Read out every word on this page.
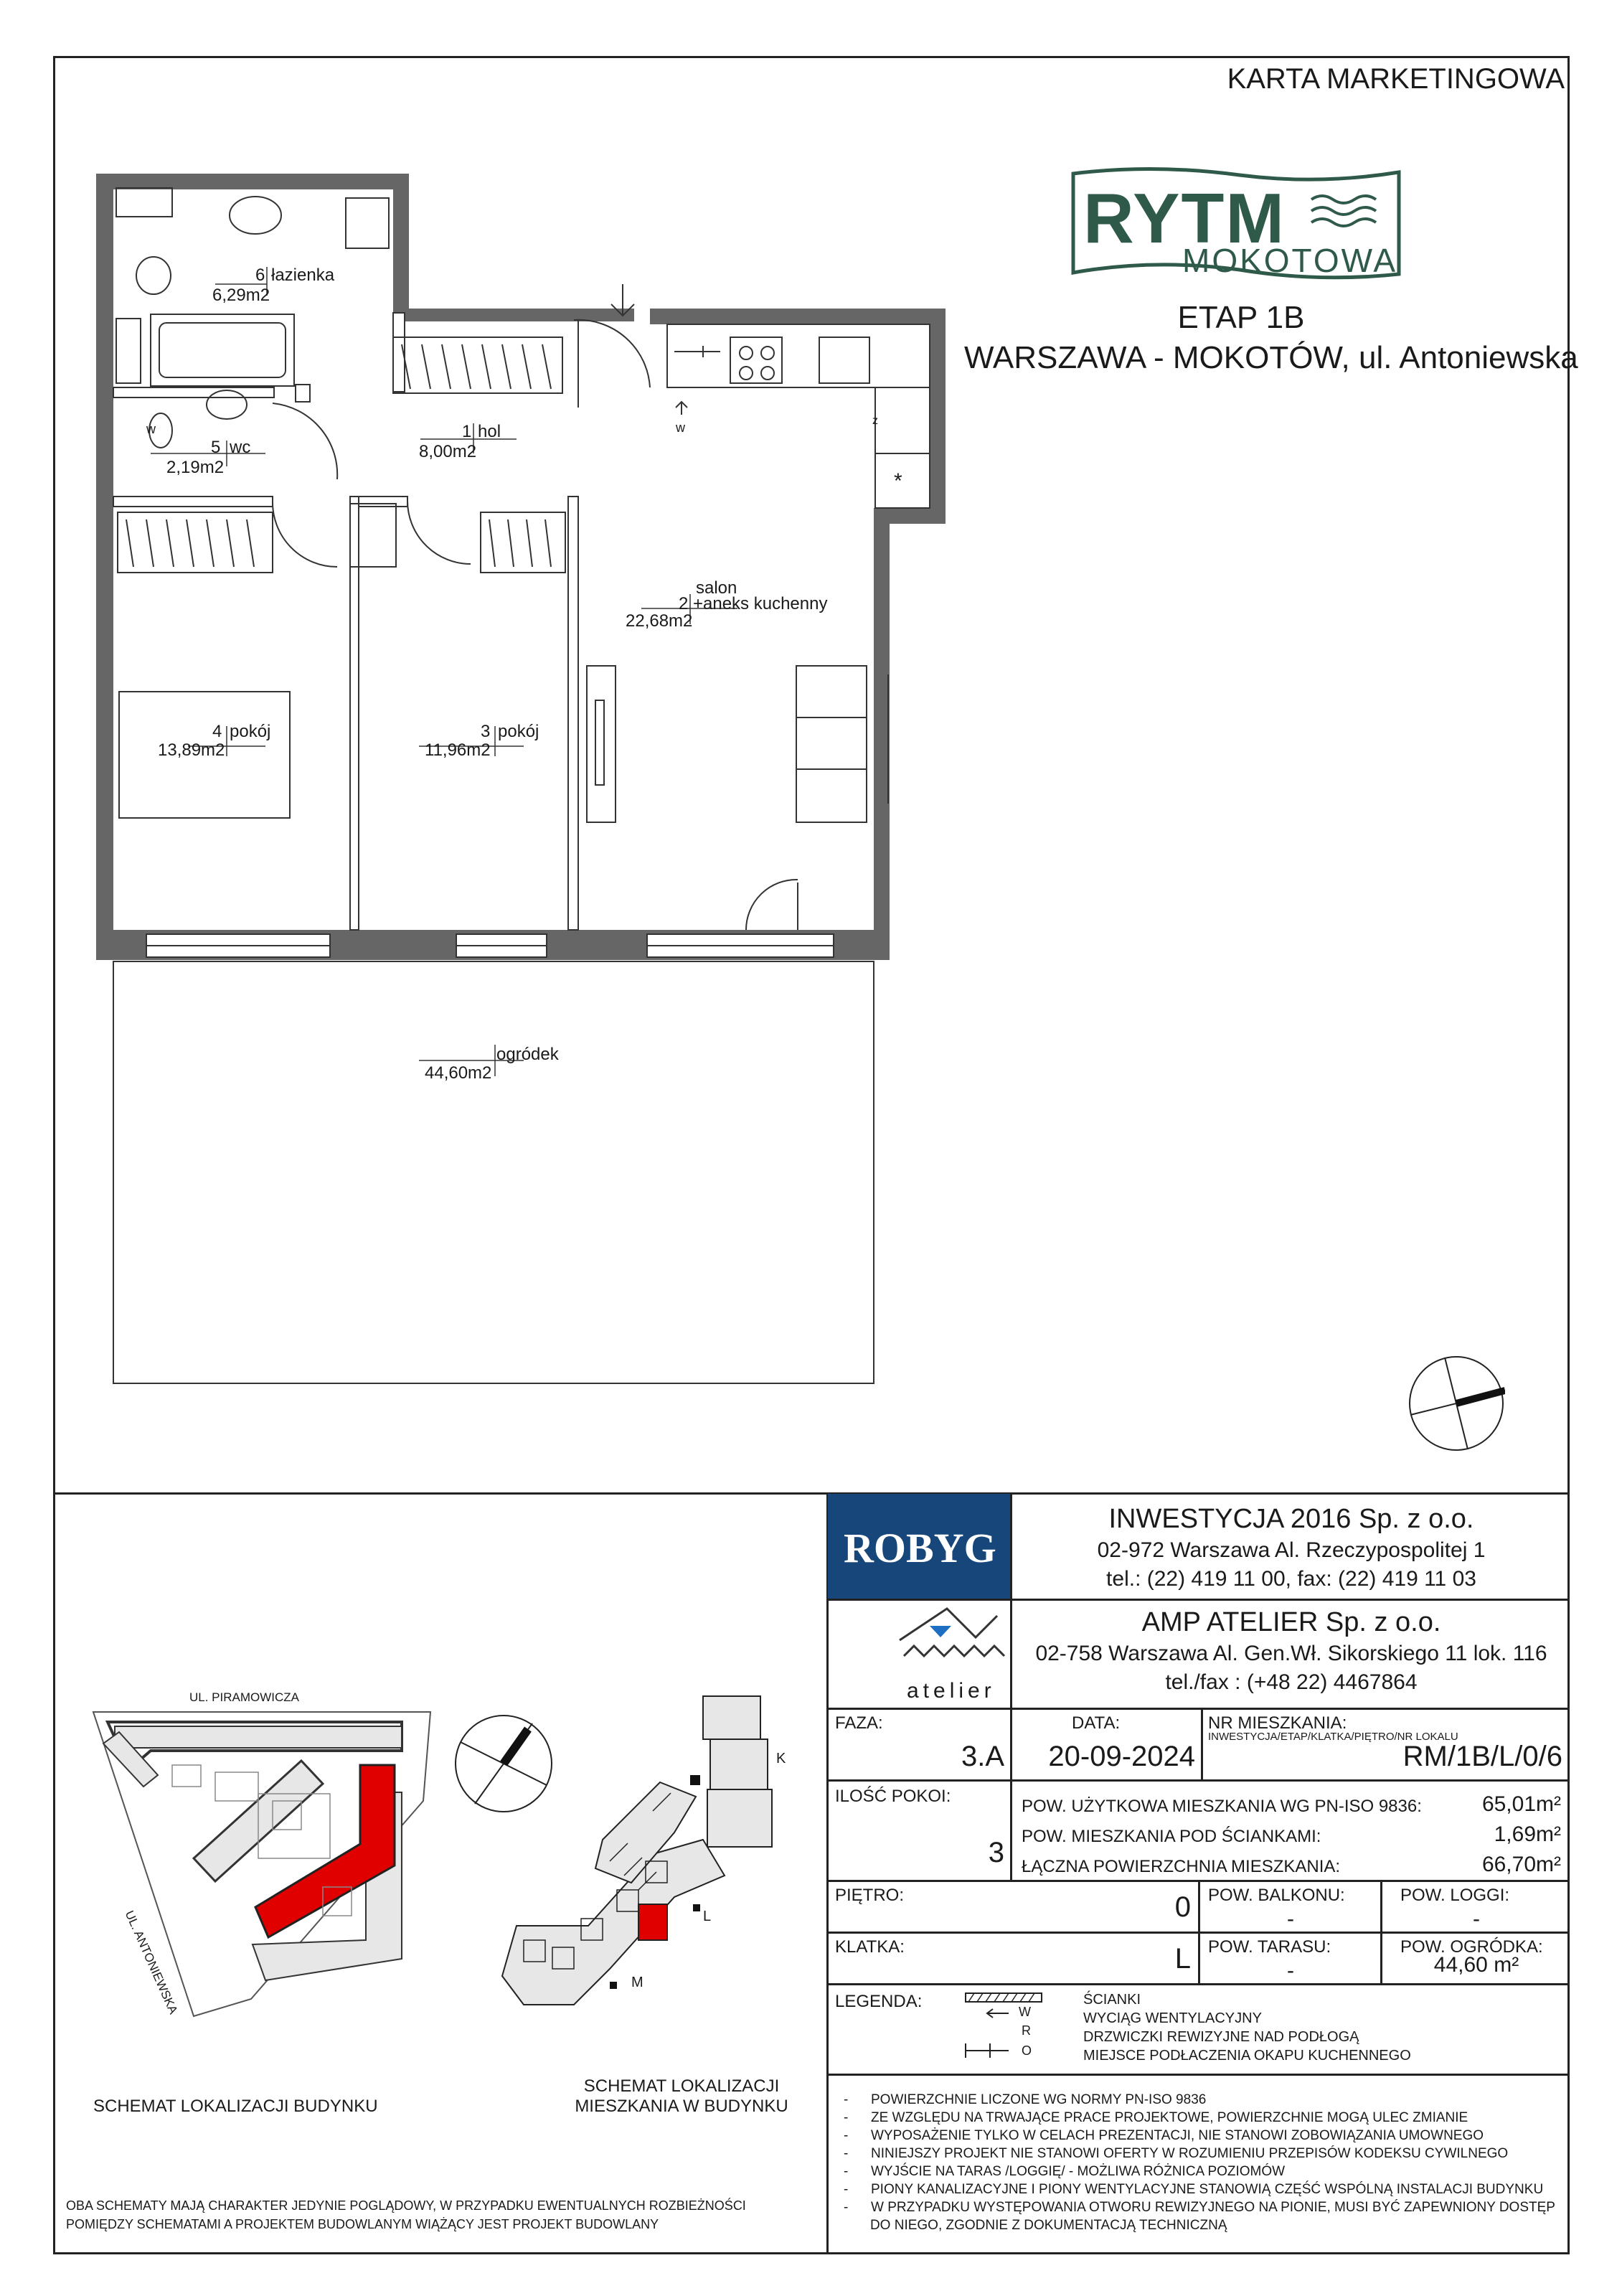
KARTA MARKETINGOWA
RYTM
MOKOTOWA
ETAP 1B
WARSZAWA - MOKOTÓW, ul. Antoniewska
6 łazienka
6,29m2
5 wc
2,19m2
1 hol
8,00m2
salon
2 +aneks kuchenny
22,68m2
4 pokój
13,89m2
3 pokój
11,96m2
ogródek
44,60m2
w	w	z
*
ROBYG
INWESTYCJA 2016 Sp. z o.o.
02-972 Warszawa Al. Rzeczypospolitej 1
tel.: (22) 419 11 00, fax: (22) 419 11 03
atelier
AMP ATELIER Sp. z o.o.
02-758 Warszawa Al. Gen.Wł. Sikorskiego 11 lok. 116
tel./fax : (+48 22) 4467864
FAZA:
3.A
DATA:
20-09-2024
NR MIESZKANIA:
INWESTYCJA/ETAP/KLATKA/PIĘTRO/NR LOKALU
RM/1B/L/0/6
ILOŚĆ POKOI:
3
POW. UŻYTKOWA MIESZKANIA WG PN-ISO 9836:	65,01m²
POW. MIESZKANIA POD ŚCIANKAMI:	1,69m²
ŁĄCZNA POWIERZCHNIA MIESZKANIA:	66,70m²
PIĘTRO:	0 POW. BALKONU:
-
POW. LOGGI:
-
KLATKA:	L POW. TARASU:
-
POW. OGRÓDKA:
44,60 m²
LEGENDA:
W
R
O
ŚCIANKI
WYCIĄG WENTYLACYJNY
DRZWICZKI REWIZYJNE NAD PODŁOGĄ
MIEJSCE PODŁACZENIA OKAPU KUCHENNEGO
-      POWIERZCHNIE LICZONE WG NORMY PN-ISO 9836
-      ZE WZGLĘDU NA TRWAJĄCE PRACE PROJEKTOWE, POWIERZCHNIE MOGĄ ULEC ZMIANIE
-      WYPOSAŻENIE TYLKO W CELACH PREZENTACJI, NIE STANOWI ZOBOWIĄZANIA UMOWNEGO
-      NINIEJSZY PROJEKT NIE STANOWI OFERTY W ROZUMIENIU PRZEPISÓW KODEKSU CYWILNEGO
-      WYJŚCIE NA TARAS /LOGGIĘ/ - MOŻLIWA RÓŻNICA POZIOMÓW
-      PIONY KANALIZACYJNE I PIONY WENTYLACYJNE STANOWIĄ CZĘŚĆ WSPÓLNĄ INSTALACJI BUDYNKU
-      W PRZYPADKU WYSTĘPOWANIA OTWORU REWIZYJNEGO NA PIONIE, MUSI BYĆ ZAPEWNIONY DOSTĘP
DO NIEGO, ZGODNIE Z DOKUMENTACJĄ TECHNICZNĄ
UL. PIRAMOWICZA
UL. ANTONIEWSKA
K
L
M
SCHEMAT LOKALIZACJI BUDYNKU
SCHEMAT LOKALIZACJI
MIESZKANIA W BUDYNKU
OBA SCHEMATY MAJĄ CHARAKTER JEDYNIE POGLĄDOWY, W PRZYPADKU EWENTUALNYCH ROZBIEŻNOŚCI
POMIĘDZY SCHEMATAMI A PROJEKTEM BUDOWLANYM WIĄŻĄCY JEST PROJEKT BUDOWLANY
